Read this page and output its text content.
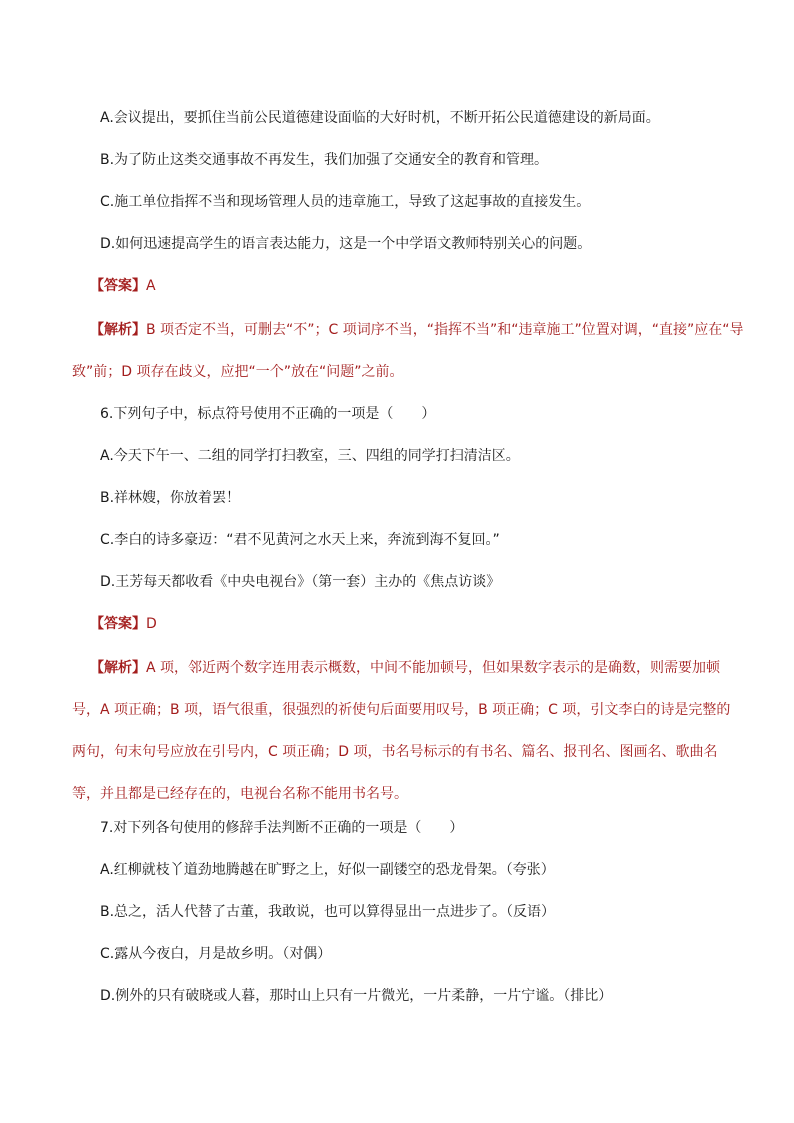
A.会议提出，要抓住当前公民道德建设面临的大好时机，不断开拓公民道德建设的新局面。
B.为了防止这类交通事故不再发生，我们加强了交通安全的教育和管理。
C.施工单位指挥不当和现场管理人员的违章施工，导致了这起事故的直接发生。
D.如何迅速提高学生的语言表达能力，这是一个中学语文教师特别关心的问题。
【答案】A
【解析】B 项否定不当，可删去“不”；C 项词序不当，“指挥不当”和“违章施工”位置对调，“直接”应在“导
致”前；D 项存在歧义，应把“一个”放在“问题”之前。
6.下列句子中，标点符号使用不正确的一项是（　　）
A.今天下午一、二组的同学打扫教室，三、四组的同学打扫清洁区。
B.祥林嫂，你放着罢！
C.李白的诗多豪迈：“君不见黄河之水天上来，奔流到海不复回。”
D.王芳每天都收看《中央电视台》（第一套）主办的《焦点访谈》
【答案】D
【解析】A 项，邻近两个数字连用表示概数，中间不能加顿号，但如果数字表示的是确数，则需要加顿
号，A 项正确；B 项，语气很重，很强烈的祈使句后面要用叹号，B 项正确；C 项，引文李白的诗是完整的
两句，句末句号应放在引号内，C 项正确；D 项，书名号标示的有书名、篇名、报刊名、图画名、歌曲名
等，并且都是已经存在的，电视台名称不能用书名号。
7.对下列各句使用的修辞手法判断不正确的一项是（　　）
A.红柳就枝丫道劲地腾越在旷野之上，好似一副镂空的恐龙骨架。（夸张）
B.总之，活人代替了古董，我敢说，也可以算得显出一点进步了。（反语）
C.露从今夜白，月是故乡明。（对偶）
D.例外的只有破晓或人暮，那时山上只有一片微光，一片柔静，一片宁谧。（排比）
